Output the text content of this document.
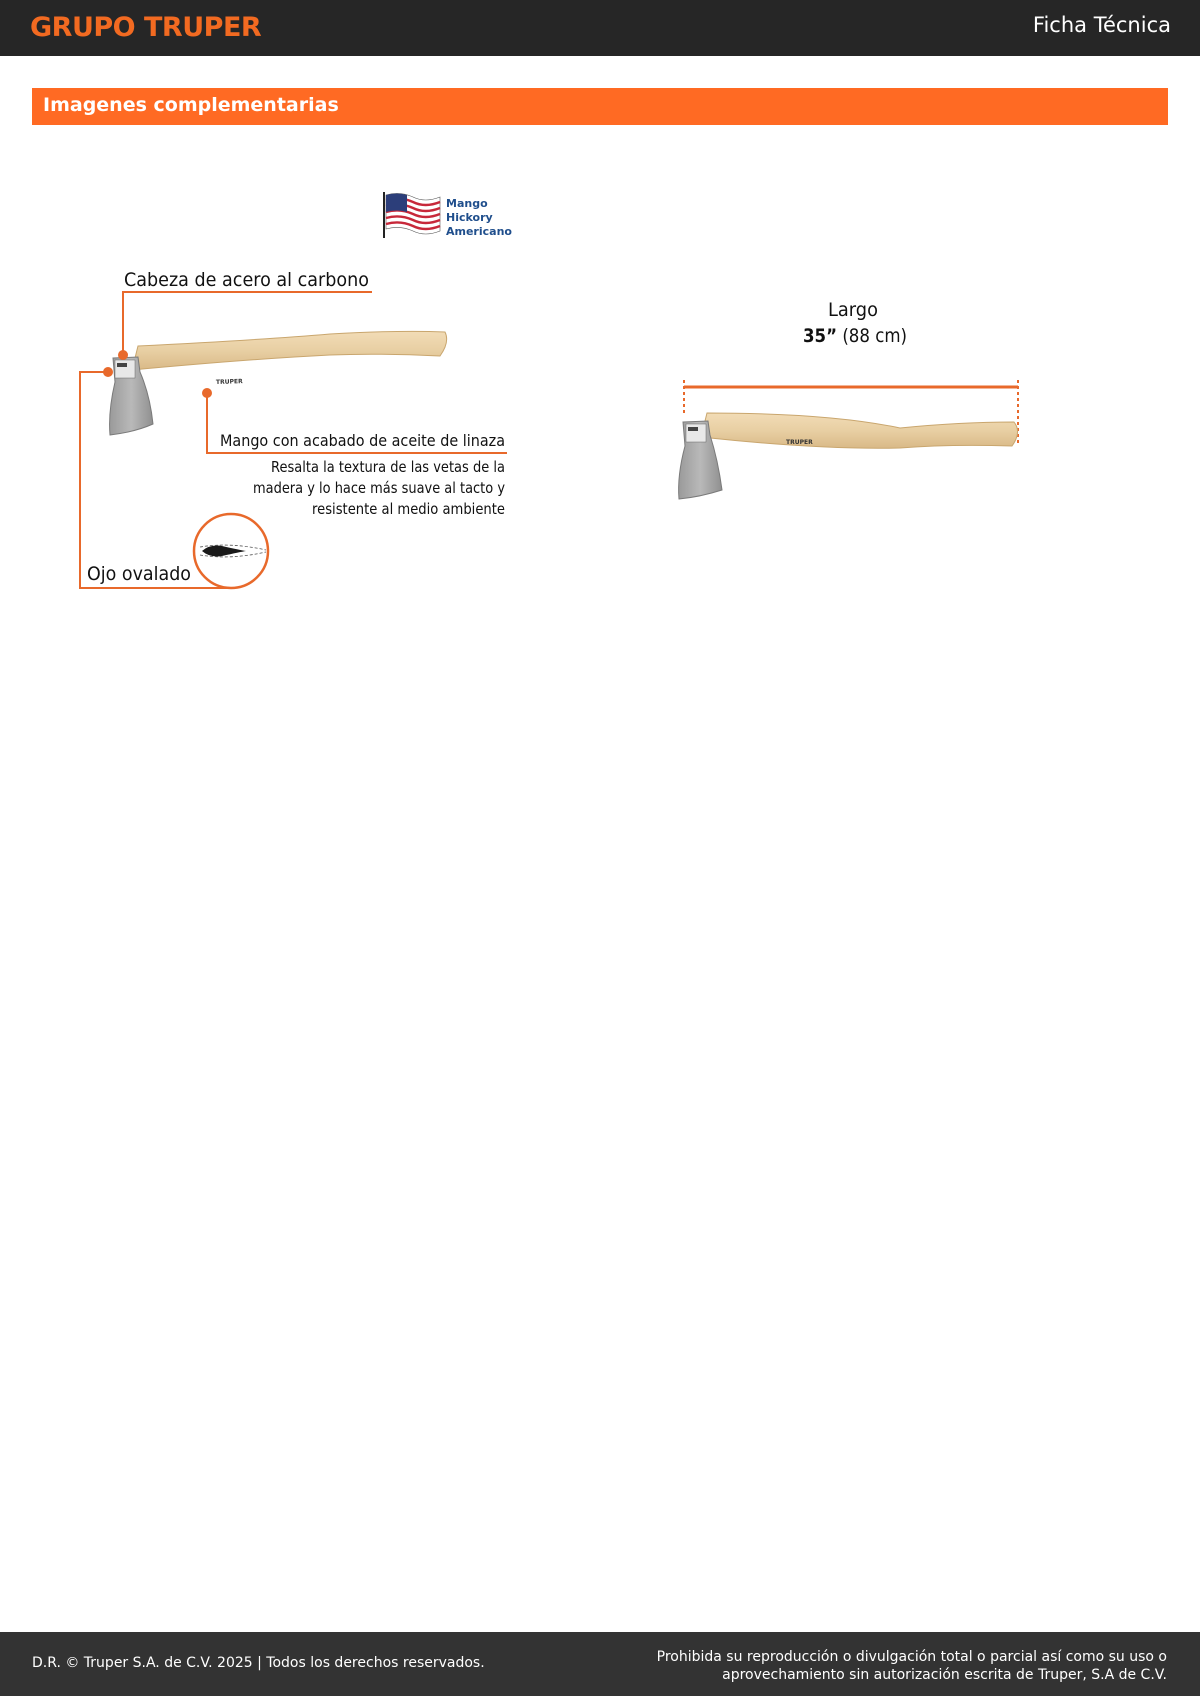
GRUPO TRUPER	Ficha Técnica
Imagenes complementarias
Mango
Hickory
Americano
TRUPER
Cabeza de acero al carbono
Mango con acabado de aceite de linaza
Resalta la textura de las vetas de la
madera y lo hace más suave al tacto y
resistente al medio ambiente
Ojo ovalado
Largo
35” (88 cm)
TRUPER
D.R. © Truper S.A. de C.V. 2025 | Todos los derechos reservados.	Prohibida su reproducción o divulgación total o parcial así como su uso o
aprovechamiento sin autorización escrita de Truper, S.A de C.V.
